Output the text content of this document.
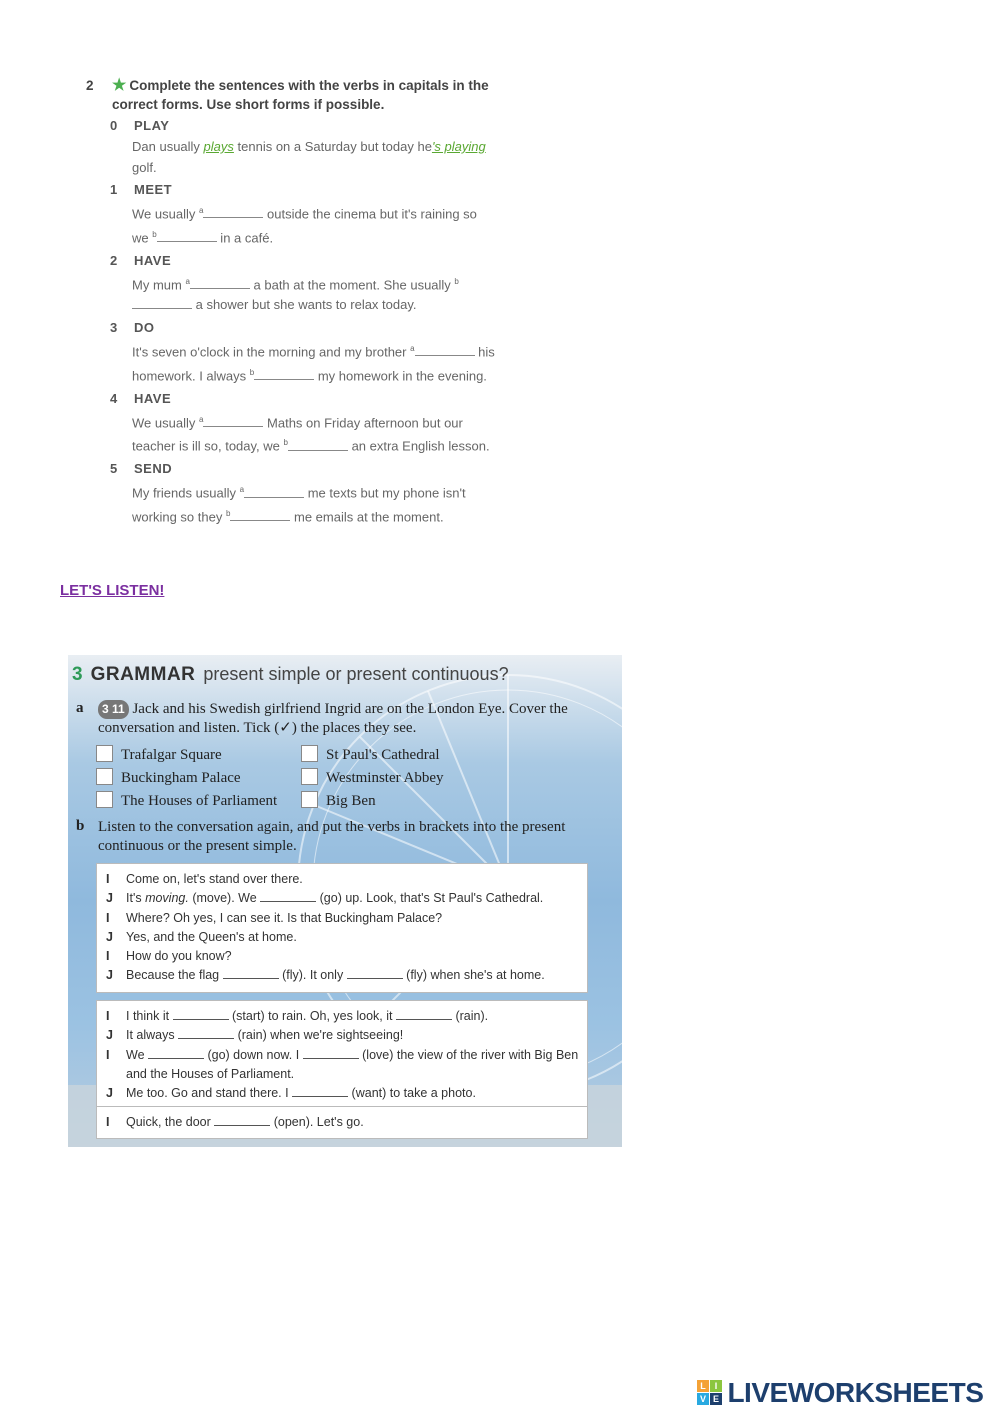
2 ★ Complete the sentences with the verbs in capitals in the correct forms. Use short forms if possible.
0 PLAY
Dan usually plays tennis on a Saturday but today he's playing golf.
1 MEET
We usually $^a$	outside the cinema but it's raining so we $^b$	in a café.
2 HAVE
My mum $^a$	a bath at the moment. She usually $^b$ a shower but she wants to relax today.
3 DO
It's seven o'clock in the morning and my brother $^a$	his homework. I always $^b$	my homework in the evening.
4 HAVE
We usually $^a$	Maths on Friday afternoon but our teacher is ill so, today, we $^b$	an extra English lesson.
5 SEND
My friends usually $^a$	me texts but my phone isn't working so they $^b$	me emails at the moment.
LET'S LISTEN!
3 GRAMMAR present simple or present continuous?
a	3 11 Jack and his Swedish girlfriend Ingrid are on the London Eye. Cover the conversation and listen. Tick (✓) the places they see.
Trafalgar Square
Buckingham Palace
The Houses of Parliament
St Paul's Cathedral
Westminster Abbey
Big Ben
b Listen to the conversation again, and put the verbs in brackets into the present continuous or the present simple.
I Come on, let's stand over there.
J It's moving. (move). We	(go) up. Look, that's St Paul's Cathedral.
I Where? Oh yes, I can see it. Is that Buckingham Palace?
J Yes, and the Queen's at home.
I How do you know?
J Because the flag	(fly). It only	(fly) when she's at home.
I I think it	(start) to rain. Oh, yes look, it	(rain).
J It always	(rain) when we're sightseeing!
I We	(go) down now. I	(love) the view of the river with Big Ben and the Houses of Parliament.
J Me too. Go and stand there. I	(want) to take a photo.
I Quick, the door	(open). Let's go.
L I
V E LIVEWORKSHEETS
